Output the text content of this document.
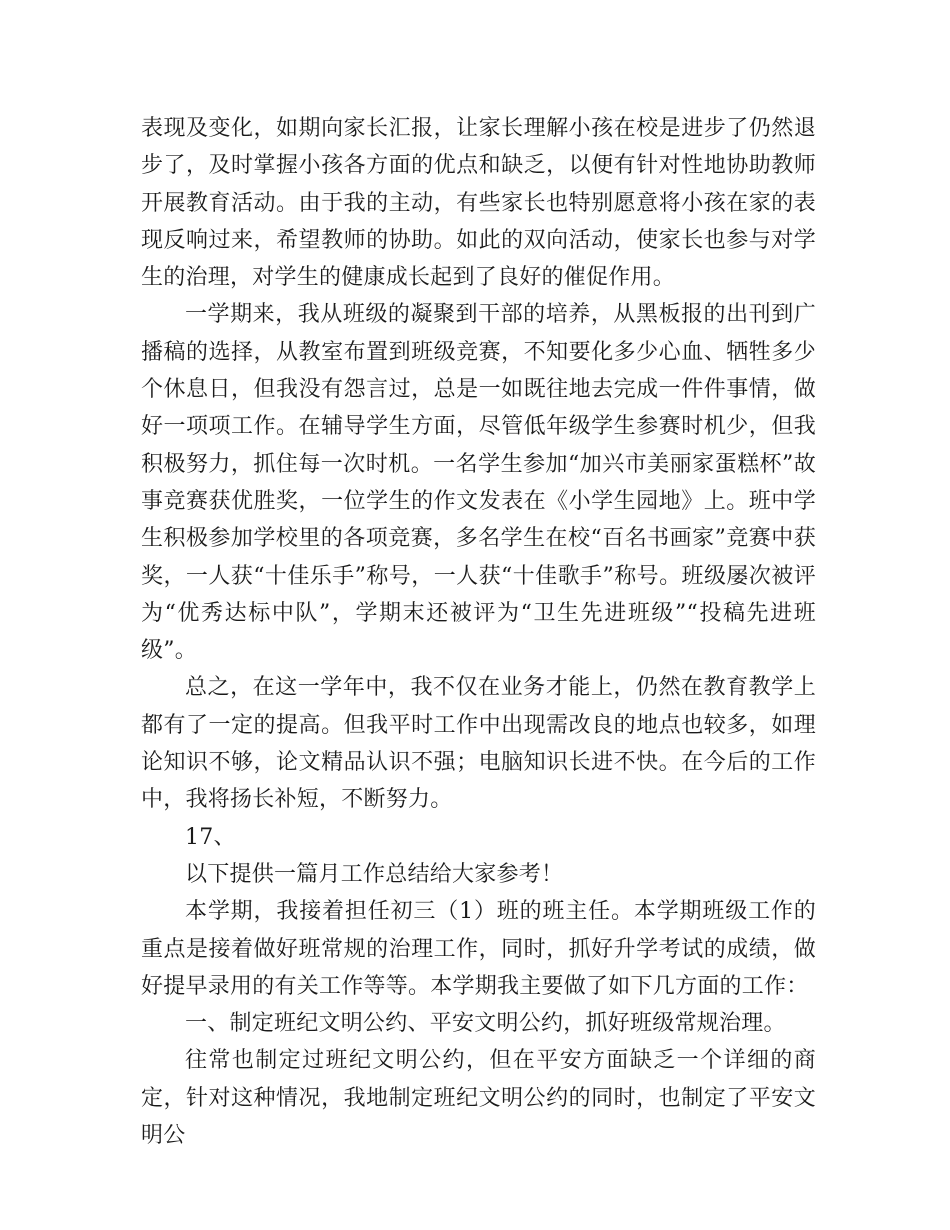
表现及变化，如期向家长汇报，让家长理解小孩在校是进步了仍然退步了，及时掌握小孩各方面的优点和缺乏，以便有针对性地协助教师开展教育活动。由于我的主动，有些家长也特别愿意将小孩在家的表现反响过来，希望教师的协助。如此的双向活动，使家长也参与对学生的治理，对学生的健康成长起到了良好的催促作用。

一学期来，我从班级的凝聚到干部的培养，从黑板报的出刊到广播稿的选择，从教室布置到班级竞赛，不知要化多少心血、牺牲多少个休息日，但我没有怨言过，总是一如既往地去完成一件件事情，做好一项项工作。在辅导学生方面，尽管低年级学生参赛时机少，但我积极努力，抓住每一次时机。一名学生参加“加兴市美丽家蛋糕杯”故事竞赛获优胜奖，一位学生的作文发表在《小学生园地》上。班中学生积极参加学校里的各项竞赛，多名学生在校“百名书画家”竞赛中获奖，一人获“十佳乐手”称号，一人获“十佳歌手”称号。班级屡次被评为“优秀达标中队”，学期末还被评为“卫生先进班级”“投稿先进班级”。

总之，在这一学年中，我不仅在业务才能上，仍然在教育教学上都有了一定的提高。但我平时工作中出现需改良的地点也较多，如理论知识不够，论文精品认识不强；电脑知识长进不快。在今后的工作中，我将扬长补短，不断努力。

17、

以下提供一篇月工作总结给大家参考！

本学期，我接着担任初三（1）班的班主任。本学期班级工作的重点是接着做好班常规的治理工作，同时，抓好升学考试的成绩，做好提早录用的有关工作等等。本学期我主要做了如下几方面的工作：

一、制定班纪文明公约、平安文明公约，抓好班级常规治理。

往常也制定过班纪文明公约，但在平安方面缺乏一个详细的商定，针对这种情况，我地制定班纪文明公约的同时，也制定了平安文明公
